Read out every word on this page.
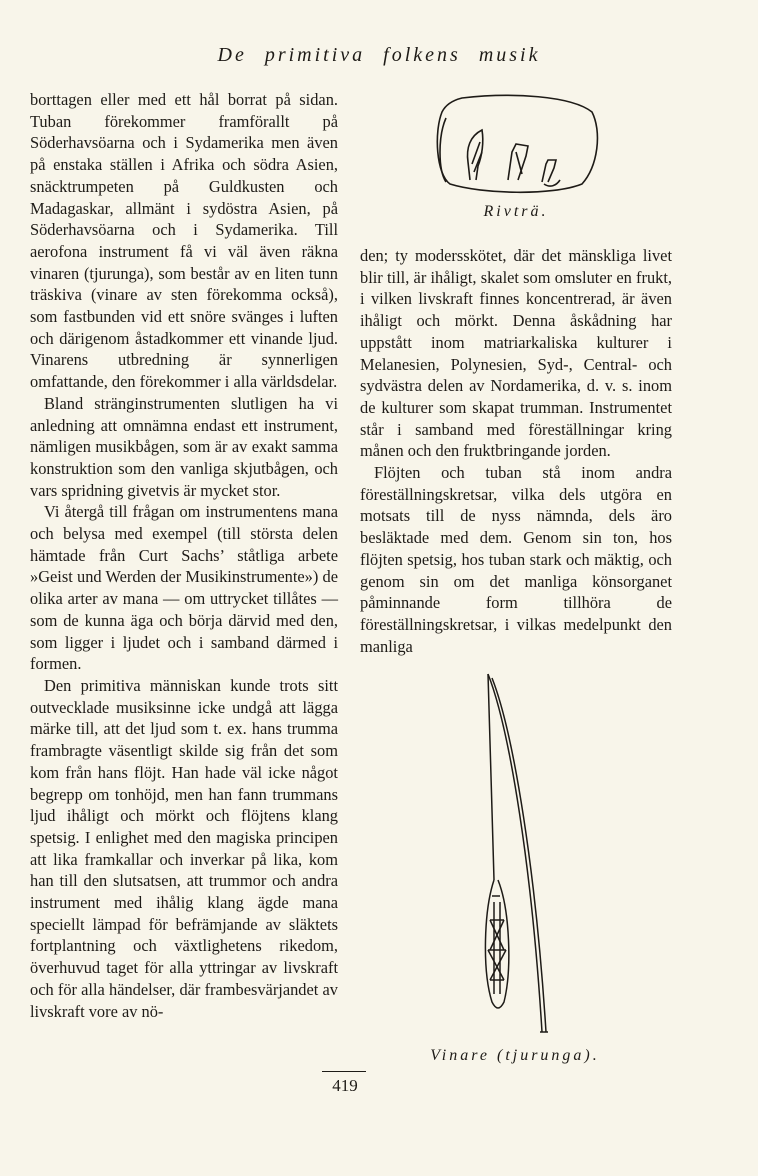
De primitiva folkens musik

borttagen eller med ett hål borrat på sidan. Tuban förekommer framförallt på Söderhavsöarna och i Sydamerika men även på enstaka ställen i Afrika och södra Asien, snäcktrumpeten på Guldkusten och Madagaskar, allmänt i sydöstra Asien, på Söderhavsöarna och i Sydamerika. Till aerofona instrument få vi väl även räkna vinaren (tjurunga), som består av en liten tunn träskiva (vinare av sten förekomma också), som fastbunden vid ett snöre svänges i luften och därigenom åstadkommer ett vinande ljud. Vinarens utbredning är synnerligen omfattande, den förekommer i alla världsdelar.

Bland stränginstrumenten slutligen ha vi anledning att omnämna endast ett instrument, nämligen musikbågen, som är av exakt samma konstruktion som den vanliga skjutbågen, och vars spridning givetvis är mycket stor.

Vi återgå till frågan om instrumentens mana och belysa med exempel (till största delen hämtade från Curt Sachs’ ståtliga arbete »Geist und Werden der Musikinstrumente») de olika arter av mana — om uttrycket tillåtes — som de kunna äga och börja därvid med den, som ligger i ljudet och i samband därmed i formen.

Den primitiva människan kunde trots sitt outvecklade musiksinne icke undgå att lägga märke till, att det ljud som t. ex. hans trumma frambragte väsentligt skilde sig från det som kom från hans flöjt. Han hade väl icke något begrepp om tonhöjd, men han fann trummans ljud ihåligt och mörkt och flöjtens klang spetsig. I enlighet med den magiska principen att lika framkallar och inverkar på lika, kom han till den slutsatsen, att trummor och andra instrument med ihålig klang ägde mana speciellt lämpad för befrämjande av släktets fortplantning och växtlighetens rikedom, överhuvud taget för alla yttringar av livskraft och för alla händelser, där frambesvärjandet av livskraft vore av nö-

Rivträ.

den; ty modersskötet, där det mänskliga livet blir till, är ihåligt, skalet som omsluter en frukt, i vilken livskraft finnes koncentrerad, är även ihåligt och mörkt. Denna åskådning har uppstått inom matriarkaliska kulturer i Melanesien, Polynesien, Syd-, Central- och sydvästra delen av Nordamerika, d. v. s. inom de kulturer som skapat trumman. Instrumentet står i samband med föreställningar kring månen och den fruktbringande jorden.

Flöjten och tuban stå inom andra föreställningskretsar, vilka dels utgöra en motsats till de nyss nämnda, dels äro besläktade med dem. Genom sin ton, hos flöjten spetsig, hos tuban stark och mäktig, och genom sin om det manliga könsorganet påminnande form tillhöra de föreställningskretsar, i vilkas medelpunkt den manliga

Vinare (tjurunga).
419
